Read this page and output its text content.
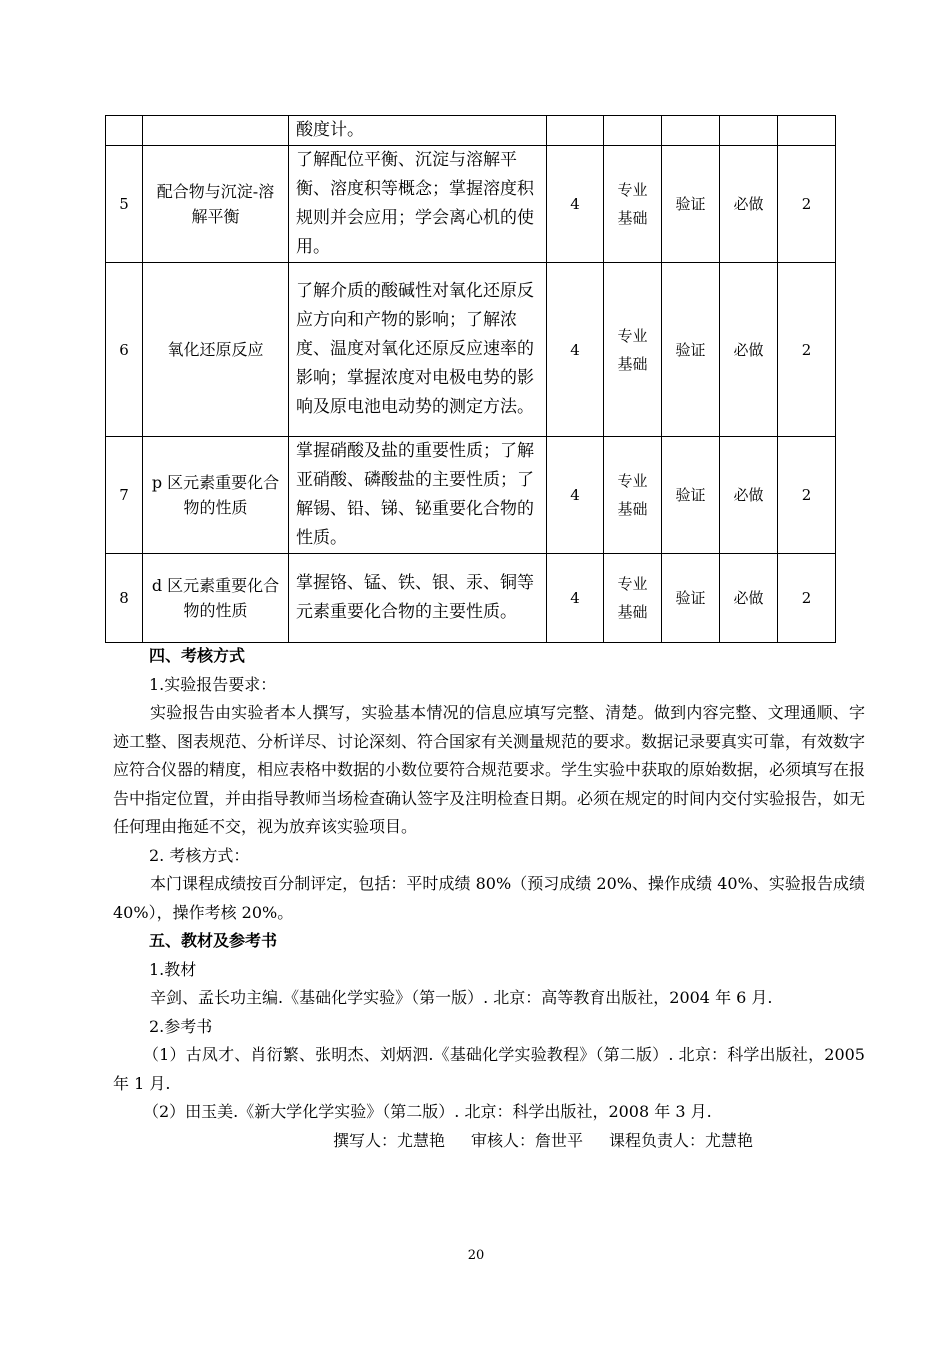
		酸度计。					
5	配合物与沉淀-溶解平衡	了解配位平衡、沉淀与溶解平衡、溶度积等概念；掌握溶度积规则并会应用；学会离心机的使用。	4	专业基础	验证	必做	2
6	氧化还原反应	了解介质的酸碱性对氧化还原反应方向和产物的影响；了解浓度、温度对氧化还原反应速率的影响；掌握浓度对电极电势的影响及原电池电动势的测定方法。	4	专业基础	验证	必做	2
7	p 区元素重要化合物的性质	掌握硝酸及盐的重要性质；了解亚硝酸、磷酸盐的主要性质；了解锡、铅、锑、铋重要化合物的性质。	4	专业基础	验证	必做	2
8	d 区元素重要化合物的性质	掌握铬、锰、铁、银、汞、铜等元素重要化合物的主要性质。	4	专业基础	验证	必做	2

四、考核方式

1.实验报告要求：

实验报告由实验者本人撰写，实验基本情况的信息应填写完整、清楚。做到内容完整、文理通顺、字迹工整、图表规范、分析详尽、讨论深刻、符合国家有关测量规范的要求。数据记录要真实可靠，有效数字应符合仪器的精度，相应表格中数据的小数位要符合规范要求。学生实验中获取的原始数据，必须填写在报告中指定位置，并由指导教师当场检查确认签字及注明检查日期。必须在规定的时间内交付实验报告，如无任何理由拖延不交，视为放弃该实验项目。

2. 考核方式：

本门课程成绩按百分制评定，包括：平时成绩 80%（预习成绩 20%、操作成绩 40%、实验报告成绩 40%），操作考核 20%。

五、教材及参考书

1.教材

辛剑、孟长功主编.《基础化学实验》（第一版）. 北京：高等教育出版社，2004 年 6 月.

2.参考书

（1）古凤才、肖衍繁、张明杰、刘炳泗.《基础化学实验教程》（第二版）. 北京：科学出版社，2005 年 1 月.

（2）田玉美.《新大学化学实验》（第二版）. 北京：科学出版社，2008 年 3 月.

撰写人：尤慧艳 审核人：詹世平 课程负责人：尤慧艳

20
